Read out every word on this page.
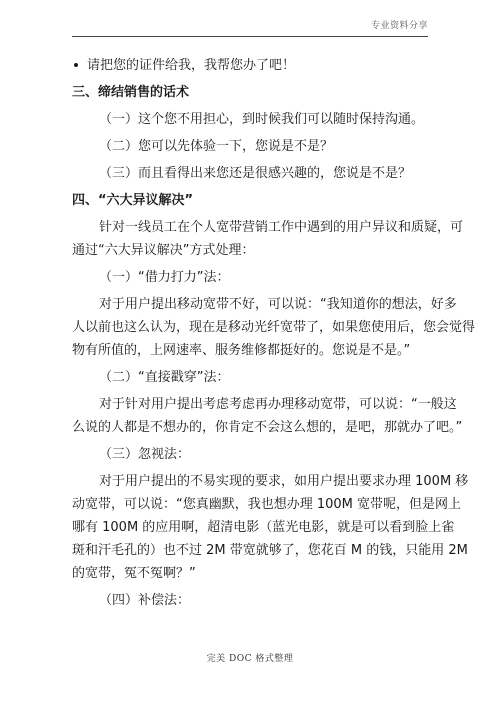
专业资料分享
请把您的证件给我，我帮您办了吧！
三、缔结销售的话术
（一）这个您不用担心，到时候我们可以随时保持沟通。
（二）您可以先体验一下，您说是不是？
（三）而且看得出来您还是很感兴趣的，您说是不是？
四、“六大异议解决”
针对一线员工在个人宽带营销工作中遇到的用户异议和质疑，可
通过“六大异议解决”方式处理：
（一）“借力打力”法：
对于用户提出移动宽带不好，可以说：“我知道你的想法，好多
人以前也这么认为，现在是移动光纤宽带了，如果您使用后，您会觉得
物有所值的，上网速率、服务维修都挺好的。您说是不是。”
（二）“直接戳穿”法：
对于针对用户提出考虑考虑再办理移动宽带，可以说：“一般这
么说的人都是不想办的，你肯定不会这么想的，是吧，那就办了吧。”
（三）忽视法：
对于用户提出的不易实现的要求，如用户提出要求办理 100M 移
动宽带，可以说：“您真幽默，我也想办理 100M 宽带呢，但是网上
哪有 100M 的应用啊，超清电影（蓝光电影，就是可以看到脸上雀
斑和汗毛孔的）也不过 2M 带宽就够了，您花百 M 的钱，只能用 2M
的宽带，冤不冤啊？”
（四）补偿法：
完美 DOC 格式整理
